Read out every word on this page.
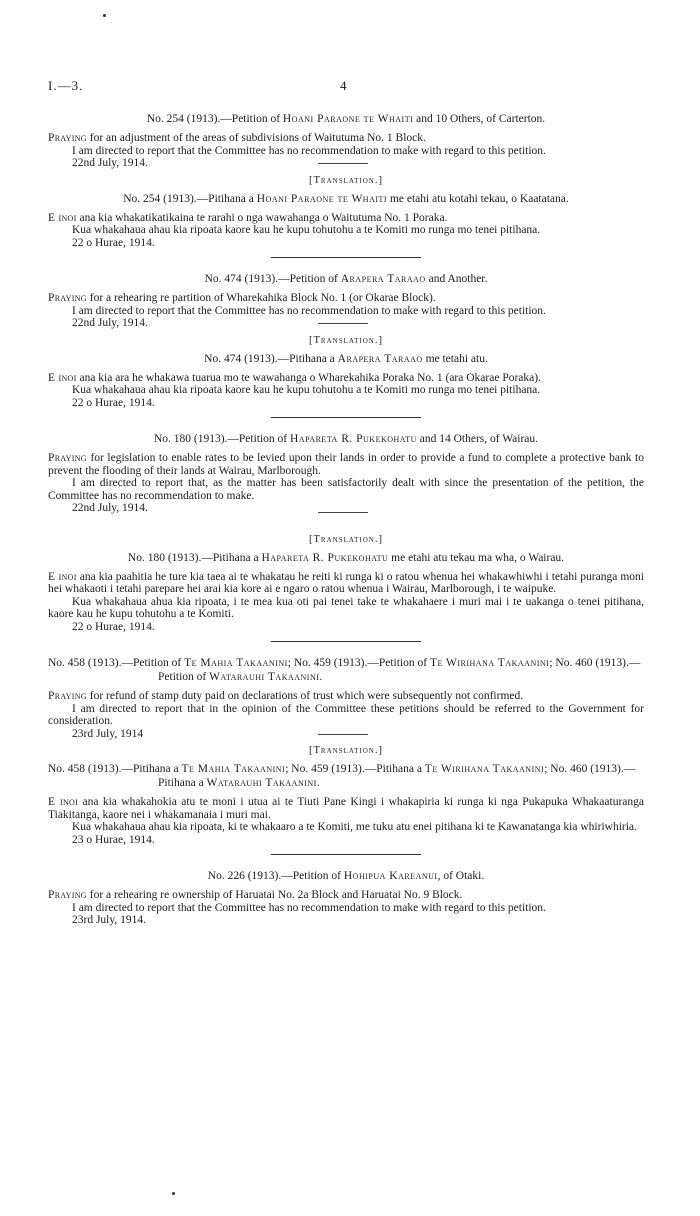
I.—3.	4

No. 254 (1913).—Petition of Hoani Paraone te Whaiti and 10 Others, of Carterton.

Praying for an adjustment of the areas of subdivisions of Waitutuma No. 1 Block.

I am directed to report that the Committee has no recommendation to make with regard to this petition.

22nd July, 1914.

[Translation.]

No. 254 (1913).—Pitihana a Hoani Paraone te Whaiti me etahi atu kotahi tekau, o Kaatatana.

E inoi ana kia whakatikatikaina te rarahi o nga wawahanga o Waitutuma No. 1 Poraka.

Kua whakahaua ahau kia ripoata kaore kau he kupu tohutohu a te Komiti mo runga mo tenei pitihana.

22 o Hurae, 1914.

No. 474 (1913).—Petition of Arapera Taraao and Another.

Praying for a rehearing re partition of Wharekahika Block No. 1 (or Okarae Block).

I am directed to report that the Committee has no recommendation to make with regard to this petition.

22nd July, 1914.

[Translation.]

No. 474 (1913).—Pitihana a Arapera Taraao me tetahi atu.

E inoi ana kia ara he whakawa tuarua mo te wawahanga o Wharekahika Poraka No. 1 (ara Okarae Poraka).

Kua whakahaua ahau kia ripoata kaore kau he kupu tohutohu a te Komiti mo runga mo tenei pitihana.

22 o Hurae, 1914.

No. 180 (1913).—Petition of Hapareta R. Pukekohatu and 14 Others, of Wairau.

Praying for legislation to enable rates to be levied upon their lands in order to provide a fund to complete a protective bank to prevent the flooding of their lands at Wairau, Marlborough.

I am directed to report that, as the matter has been satisfactorily dealt with since the presentation of the petition, the Committee has no recommendation to make.

22nd July, 1914.

[Translation.]

No. 180 (1913).—Pitihana a Hapareta R. Pukekohatu me etahi atu tekau ma wha, o Wairau.

E inoi ana kia paahitia he ture kia taea ai te whakatau he reiti ki runga ki o ratou whenua hei whakawhiwhi i tetahi puranga moni hei whakaoti i tetahi parepare hei arai kia kore ai e ngaro o ratou whenua i Wairau, Marlborough, i te waipuke.

Kua whakahaua ahua kia ripoata, i te mea kua oti pai tenei take te whakahaere i muri mai i te uakanga o tenei pitihana, kaore kau he kupu tohutohu a te Komiti.

22 o Hurae, 1914.

No. 458 (1913).—Petition of Te Mahia Takaanini; No. 459 (1913).—Petition of Te Wirihana Takaanini; No. 460 (1913).—Petition of Watarauhi Takaanini.

Praying for refund of stamp duty paid on declarations of trust which were subsequently not confirmed.

I am directed to report that in the opinion of the Committee these petitions should be referred to the Government for consideration.

23rd July, 1914

[Translation.]

No. 458 (1913).—Pitihana a Te Mahia Takaanini; No. 459 (1913).—Pitihana a Te Wirihana Takaanini; No. 460 (1913).—Pitihana a Watarauhi Takaanini.

E inoi ana kia whakahokia atu te moni i utua ai te Tiuti Pane Kingi i whakapiria ki runga ki nga Pukapuka Whakaaturanga Tiakitanga, kaore nei i whakamanaia i muri mai.

Kua whakahaua ahau kia ripoata, ki te whakaaro a te Komiti, me tuku atu enei pitihana ki te Kawanatanga kia whiriwhiria.

23 o Hurae, 1914.

No. 226 (1913).—Petition of Hohipua Kareanui, of Otaki.

Praying for a rehearing re ownership of Haruatai No. 2a Block and Haruatai No. 9 Block.

I am directed to report that the Committee has no recommendation to make with regard to this petition.

23rd July, 1914.
